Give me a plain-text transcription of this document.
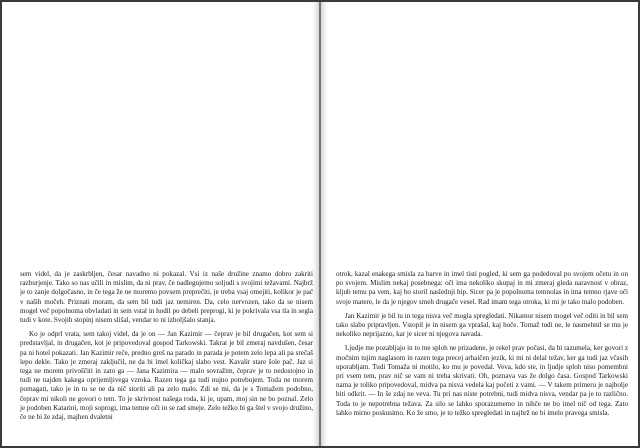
sem videl, da je zaskrbljen, česar navadno ni pokazal. Vsi iz naše družine znamo dobro zakriti razburjenje. Tako so nas učili in mislim, da ni prav, če nadlegujemo soljudi s svojimi težavami. Najbrž je to zanje dolgočasno, in če tega že ne moremo povsem preprečiti, je treba vsaj omejiti, kolikor je pač v naših močeh. Priznati moram, da sem bil tudi jaz nemiren. Da, celo nervozen, tako da se nisem mogel več popolnoma obvladati in sem vstal in hodil po debeli preprogi, ki je pokrivala vsa tla in segla tudi v kote. Svojih stopinj nisem slišal, vendar to ni izboljšalo stanja.

Ko je odprl vrata, sem takoj videl, da je on — Jan Kazimir — čeprav je bil drugačen, kot sem si predstavljal, in drugačen, kot je pripovedoval gospod Tarkowski. Takrat je bil zmeraj navdušen, česar pa ni hotel pokazati. Jan Kazimir reče, predno greš na parado in parada je potem zelo lepa ali pa srečaš lepo dekle. Tako je zmeraj zaključil, ne da bi imel količkaj slabo vest. Kavalir stare šole pač. Jaz si tega ne morem privoščiti in zato ga — Jana Kazimira — malo sovražim, čeprav je to nedostojno in tudi ne najden kakega oprijemljivega vzroka. Razen tega ga tudi nujno potrebujem. Toda ne morem pomagati, tako je in tu se ne da nič storiti ali pa zelo malo. Zdi se mi, da je s Tomažem podobno, čeprav mi nikoli ne govori o tem. To je skrivnost našega roda, ki je, upam, moj sin ne bo poznal. Zelo je podoben Katarini, moji soprogi, ima temne oči in se rad smeje. Zelo težko bi ga štel v svojo družino, če ne bi že zdaj, majhen dvaletni

otrok, kazal enakega smisla za barve in imel tisti pogled, ki sem ga podedoval po svojem očetu in on po svojem. Mislim nekaj posebnega: oči ima nekoliko skupaj in mi zmeraj gleda naravnost v obraz, kljub temu pa vem, kaj bo storil naslednji hip. Sicer pa je popolnoma temnolas in ima temno rjave oči svoje matere, le da je njegov smeh drugače vesel. Rad imam tega otroka, ki mi je tako malo podoben.

Jan Kazimir je bil tu in tega nisva več mogla spregledati. Nikamor nisem mogel več oditi in bil sem tako slabo pripravljen. Vstopil je in nisem ga vprašal, kaj hoče. Tomaž tudi ne, le nasmehnil se mu je nekoliko neprijazno, kar je sicer ni njegova navada.

Ljudje me pozabljajo in to me sploh ne prizadene, je rekel prav počasi, da bi razumela, ker govori z močnim tujim naglasom in razen tega precej arhaičen jezik, ki mi ni delal težav, ker ga tudi jaz včasih uporabljam. Tudi Tomaža ni motilo, ko mu je povedal. Veva, kdo ste, in ljudje sploh niso pomembni pri vsem tem, prav nič se vam ni treba skrivati. Oh, poznava vas že dolgo časa. Gospod Tarkowski nama je toliko pripovedoval, midva pa nisva vedela kaj početi z vami. — V takem primeru je najbolje biti odkrit. — In še zdaj ne veva. Tu pri nas niste potrebni, tudi midva nisva, vendar pa je to različno. Toda to je nepotrebna težava. Za silo se lahko sporazumemo in nihče ne bo imel nič od tega. Zato lahko mirno poskusimo. Ko že smo, je to težko spregledati in najbrž ne bi imelo pravega smisla.
